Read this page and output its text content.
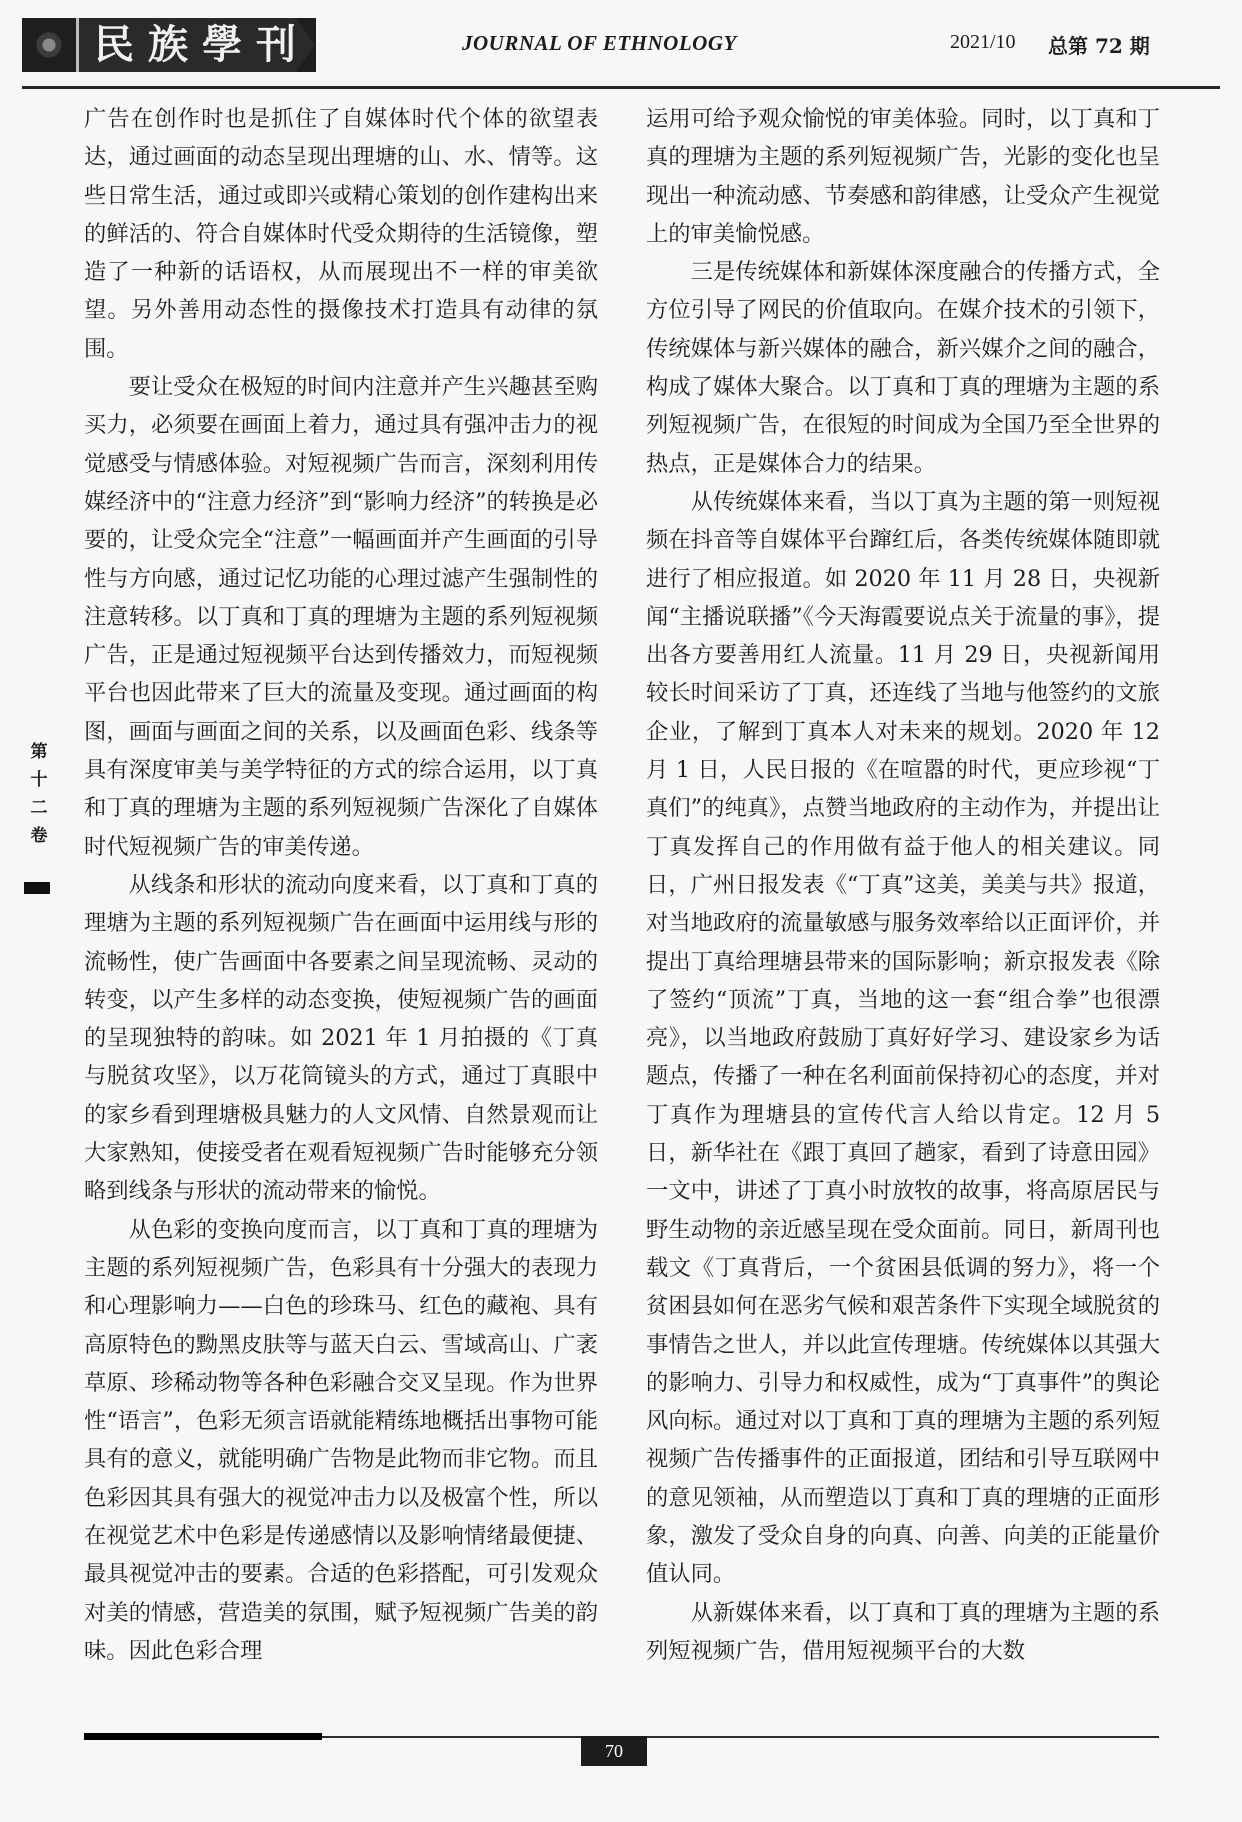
民族學刊	JOURNAL OF ETHNOLOGY	2021/10 总第 72 期
第
十
二
卷

广告在创作时也是抓住了自媒体时代个体的欲望表达，通过画面的动态呈现出理塘的山、水、情等。这些日常生活，通过或即兴或精心策划的创作建构出来的鲜活的、符合自媒体时代受众期待的生活镜像，塑造了一种新的话语权，从而展现出不一样的审美欲望。另外善用动态性的摄像技术打造具有动律的氛围。

要让受众在极短的时间内注意并产生兴趣甚至购买力，必须要在画面上着力，通过具有强冲击力的视觉感受与情感体验。对短视频广告而言，深刻利用传媒经济中的“注意力经济”到“影响力经济”的转换是必要的，让受众完全“注意”一幅画面并产生画面的引导性与方向感，通过记忆功能的心理过滤产生强制性的注意转移。以丁真和丁真的理塘为主题的系列短视频广告，正是通过短视频平台达到传播效力，而短视频平台也因此带来了巨大的流量及变现。通过画面的构图，画面与画面之间的关系，以及画面色彩、线条等具有深度审美与美学特征的方式的综合运用，以丁真和丁真的理塘为主题的系列短视频广告深化了自媒体时代短视频广告的审美传递。

从线条和形状的流动向度来看，以丁真和丁真的理塘为主题的系列短视频广告在画面中运用线与形的流畅性，使广告画面中各要素之间呈现流畅、灵动的转变，以产生多样的动态变换，使短视频广告的画面的呈现独特的韵味。如 2021 年 1 月拍摄的《丁真与脱贫攻坚》，以万花筒镜头的方式，通过丁真眼中的家乡看到理塘极具魅力的人文风情、自然景观而让大家熟知，使接受者在观看短视频广告时能够充分领略到线条与形状的流动带来的愉悦。

从色彩的变换向度而言，以丁真和丁真的理塘为主题的系列短视频广告，色彩具有十分强大的表现力和心理影响力——白色的珍珠马、红色的藏袍、具有高原特色的黝黑皮肤等与蓝天白云、雪域高山、广袤草原、珍稀动物等各种色彩融合交叉呈现。作为世界性“语言”，色彩无须言语就能精练地概括出事物可能具有的意义，就能明确广告物是此物而非它物。而且色彩因其具有强大的视觉冲击力以及极富个性，所以在视觉艺术中色彩是传递感情以及影响情绪最便捷、最具视觉冲击的要素。合适的色彩搭配，可引发观众对美的情感，营造美的氛围，赋予短视频广告美的韵味。因此色彩合理

运用可给予观众愉悦的审美体验。同时，以丁真和丁真的理塘为主题的系列短视频广告，光影的变化也呈现出一种流动感、节奏感和韵律感，让受众产生视觉上的审美愉悦感。

三是传统媒体和新媒体深度融合的传播方式，全方位引导了网民的价值取向。在媒介技术的引领下，传统媒体与新兴媒体的融合，新兴媒介之间的融合，构成了媒体大聚合。以丁真和丁真的理塘为主题的系列短视频广告，在很短的时间成为全国乃至全世界的热点，正是媒体合力的结果。

从传统媒体来看，当以丁真为主题的第一则短视频在抖音等自媒体平台蹿红后，各类传统媒体随即就进行了相应报道。如 2020 年 11 月 28 日，央视新闻“主播说联播”《今天海霞要说点关于流量的事》，提出各方要善用红人流量。11 月 29 日，央视新闻用较长时间采访了丁真，还连线了当地与他签约的文旅企业，了解到丁真本人对未来的规划。2020 年 12 月 1 日，人民日报的《在喧嚣的时代，更应珍视“丁真们”的纯真》，点赞当地政府的主动作为，并提出让丁真发挥自己的作用做有益于他人的相关建议。同日，广州日报发表《“丁真”这美，美美与共》报道，对当地政府的流量敏感与服务效率给以正面评价，并提出丁真给理塘县带来的国际影响；新京报发表《除了签约“顶流”丁真，当地的这一套“组合拳”也很漂亮》，以当地政府鼓励丁真好好学习、建设家乡为话题点，传播了一种在名利面前保持初心的态度，并对丁真作为理塘县的宣传代言人给以肯定。12 月 5 日，新华社在《跟丁真回了趟家，看到了诗意田园》一文中，讲述了丁真小时放牧的故事，将高原居民与野生动物的亲近感呈现在受众面前。同日，新周刊也载文《丁真背后，一个贫困县低调的努力》，将一个贫困县如何在恶劣气候和艰苦条件下实现全域脱贫的事情告之世人，并以此宣传理塘。传统媒体以其强大的影响力、引导力和权威性，成为“丁真事件”的舆论风向标。通过对以丁真和丁真的理塘为主题的系列短视频广告传播事件的正面报道，团结和引导互联网中的意见领袖，从而塑造以丁真和丁真的理塘的正面形象，激发了受众自身的向真、向善、向美的正能量价值认同。

从新媒体来看，以丁真和丁真的理塘为主题的系列短视频广告，借用短视频平台的大数

70
